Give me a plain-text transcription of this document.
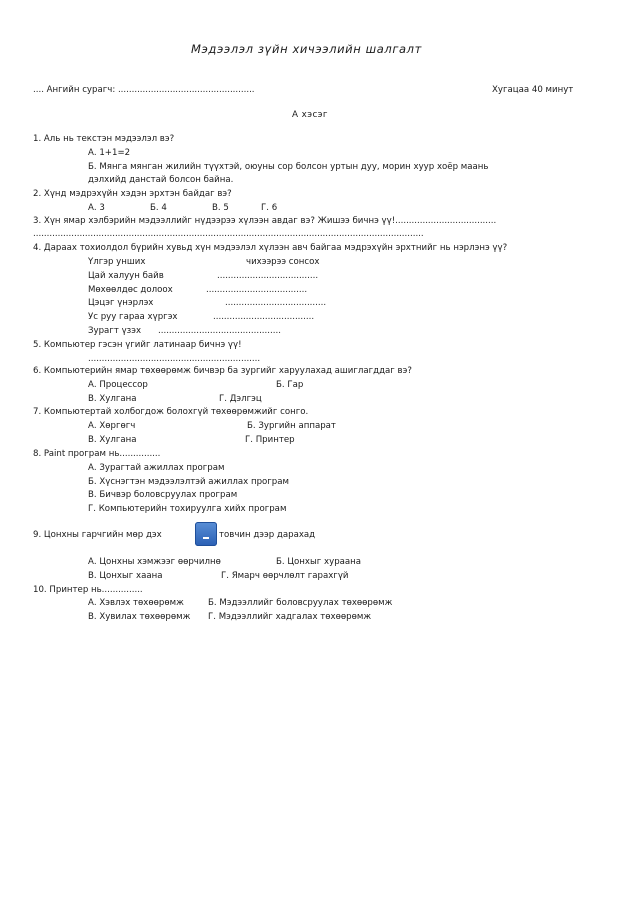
Мэдээлэл зүйн хичээлийн шалгалт
.... Ангийн сурагч: ..................................................	Хугацаа 40 минут
А хэсэг
1. Аль нь текстэн мэдээлэл вэ?
А. 1+1=2
Б. Мянга мянган жилийн түүхтэй, оюуны сор болсон уртын дуу, морин хуур хоёр маань
дэлхийд данстай болсон байна.
2. Хүнд мэдрэхүйн хэдэн эрхтэн байдаг вэ?
А. 3	Б. 4	В. 5	Г. 6
3. Хүн ямар хэлбэрийн мэдээллийг нүдээрээ хүлээн авдаг вэ? Жишээ бичнэ үү!.....................................
...............................................................................................................................................
4. Дараах тохиолдол бүрийн хувьд хүн мэдээлэл хүлээн авч байгаа мэдрэхүйн эрхтнийг нь нэрлэнэ үү?
Үлгэр унших	чихээрээ сонсох
Цай халуун байв	.....................................
Мөхөөлдөс долоох	.....................................
Цэцэг үнэрлэх	.....................................
Ус руу гараа хүргэх	.....................................
Зурагт үзэх .............................................
5. Компьютер гэсэн үгийг латинаар бичнэ үү!
...............................................................
6. Компьютерийн ямар төхөөрөмж бичвэр ба зургийг харуулахад ашиглагддаг вэ?
А. Процессор	Б. Гар
В. Хулгана	Г. Дэлгэц
7. Компьютертай холбогдож болохгүй төхөөрөмжийг сонго.
А. Хөргөгч	Б. Зургийн аппарат
В. Хулгана	Г. Принтер
8. Paint програм нь...............
А. Зурагтай ажиллах програм
Б. Хүснэгтэн мэдээлэлтэй ажиллах програм
В. Бичвэр боловсруулах програм
Г. Компьютерийн тохируулга хийх програм
9. Цонхны гарчгийн мөр дэх	товчин дээр дарахад
А. Цонхны хэмжээг өөрчилнө	Б. Цонхыг хураана
В. Цонхыг хаана	Г. Ямарч өөрчлөлт гарахгүй
10. Принтер нь...............
А. Хэвлэх төхөөрөмж	Б. Мэдээллийг боловсруулах төхөөрөмж
В. Хувилах төхөөрөмж Г. Мэдээллийг хадгалах төхөөрөмж
